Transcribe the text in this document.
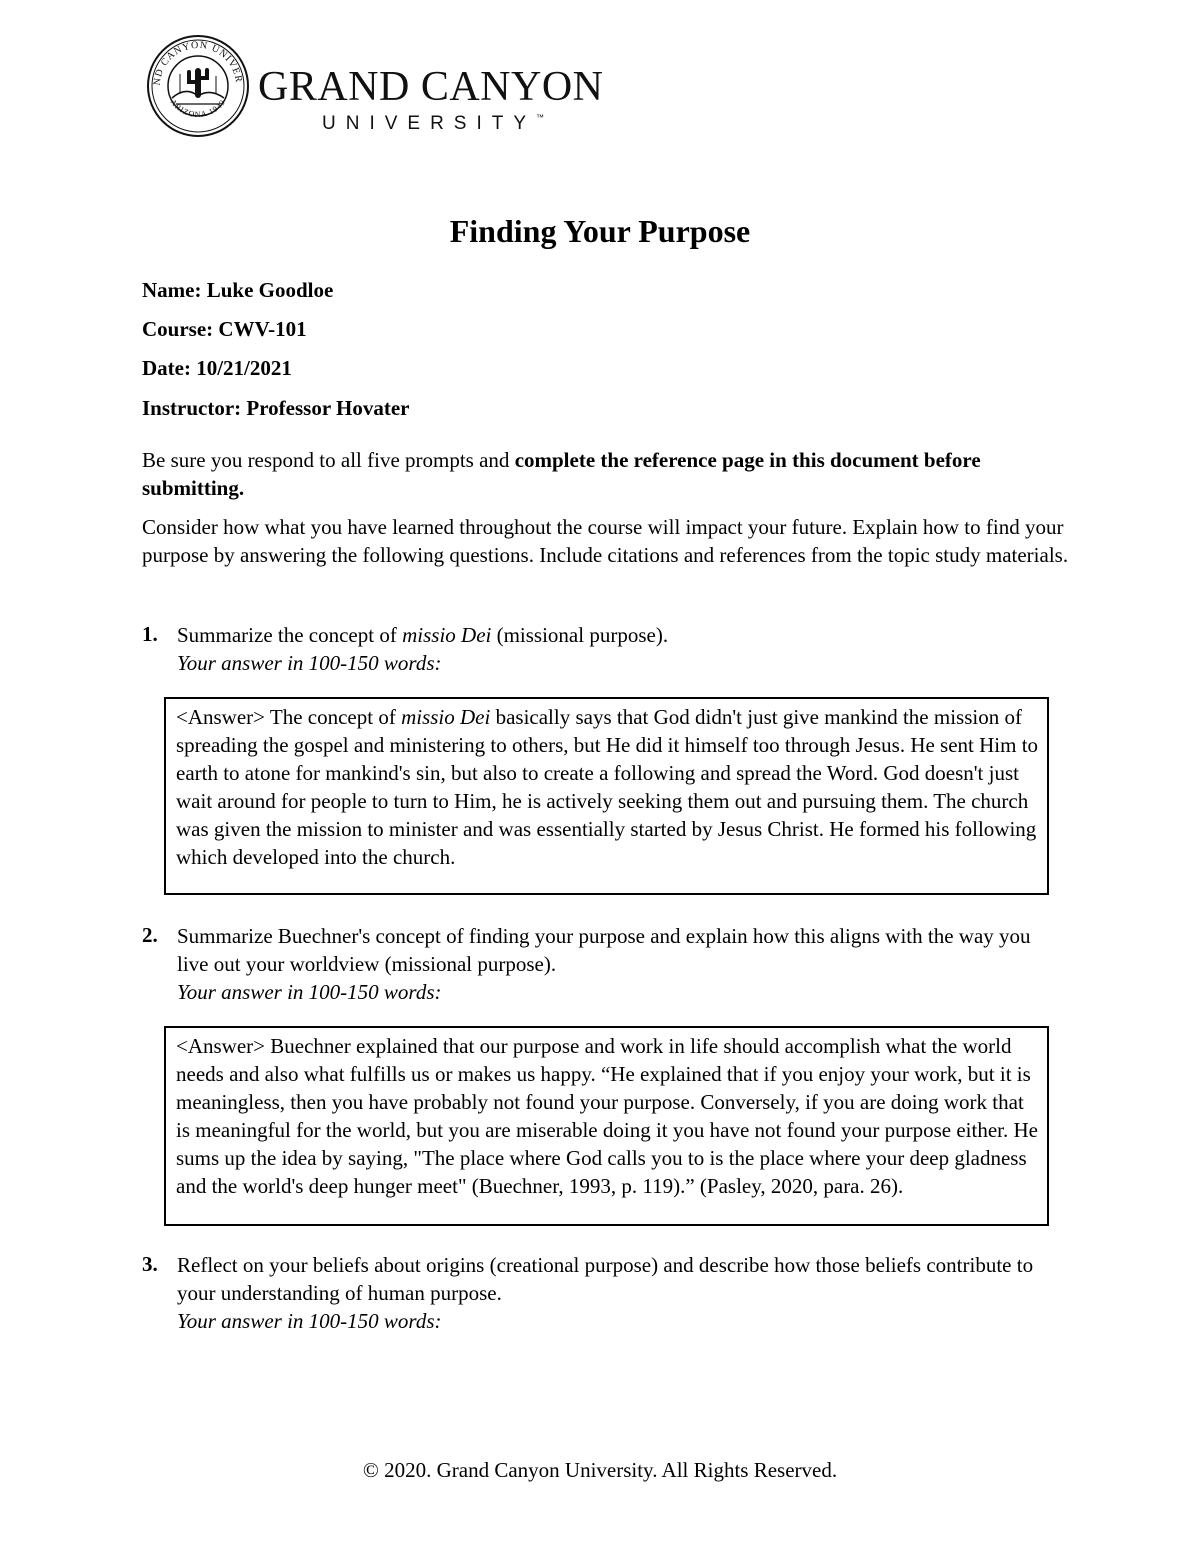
ND CANYON UNIVER
ARIZONA 1949 GRAND CANYON
UNIVERSITY™
Finding Your Purpose
Name: Luke Goodloe
Course: CWV-101
Date: 10/21/2021
Instructor: Professor Hovater
Be sure you respond to all five prompts and complete the reference page in this document before submitting.
Consider how what you have learned throughout the course will impact your future. Explain how to find your purpose by answering the following questions. Include citations and references from the topic study materials.
1. Summarize the concept of missio Dei (missional purpose).
Your answer in 100-150 words:
<Answer> The concept of missio Dei basically says that God didn't just give mankind the mission of spreading the gospel and ministering to others, but He did it himself too through Jesus. He sent Him to earth to atone for mankind's sin, but also to create a following and spread the Word. God doesn't just wait around for people to turn to Him, he is actively seeking them out and pursuing them. The church was given the mission to minister and was essentially started by Jesus Christ. He formed his following which developed into the church.
2. Summarize Buechner's concept of finding your purpose and explain how this aligns with the way you live out your worldview (missional purpose).
Your answer in 100-150 words:
<Answer> Buechner explained that our purpose and work in life should accomplish what the world needs and also what fulfills us or makes us happy. “He explained that if you enjoy your work, but it is meaningless, then you have probably not found your purpose. Conversely, if you are doing work that is meaningful for the world, but you are miserable doing it you have not found your purpose either. He sums up the idea by saying, "The place where God calls you to is the place where your deep gladness and the world's deep hunger meet" (Buechner, 1993, p. 119).” (Pasley, 2020, para. 26).
3. Reflect on your beliefs about origins (creational purpose) and describe how those beliefs contribute to your understanding of human purpose.
Your answer in 100-150 words:
© 2020. Grand Canyon University. All Rights Reserved.
